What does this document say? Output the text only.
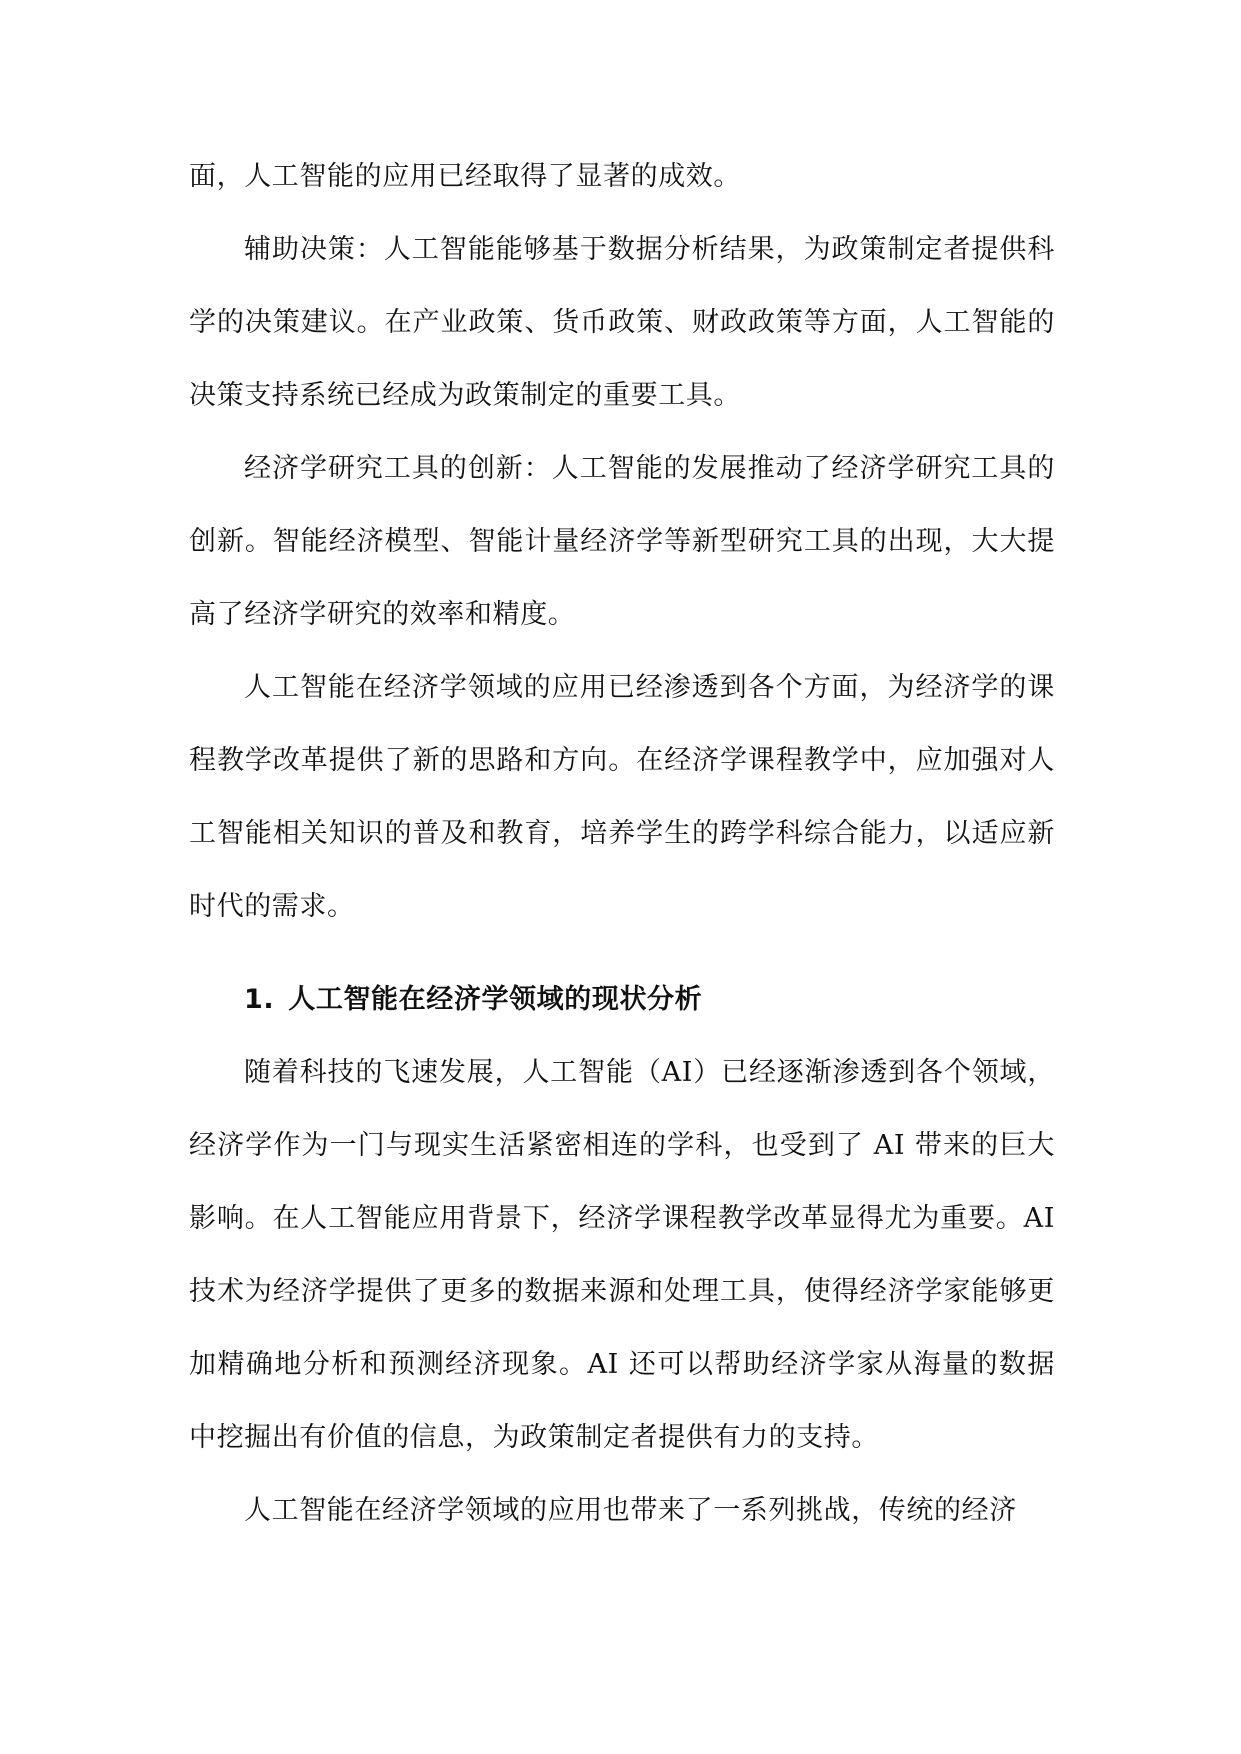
面，人工智能的应用已经取得了显著的成效。

辅助决策：人工智能能够基于数据分析结果，为政策制定者提供科学的决策建议。在产业政策、货币政策、财政政策等方面，人工智能的决策支持系统已经成为政策制定的重要工具。

经济学研究工具的创新：人工智能的发展推动了经济学研究工具的创新。智能经济模型、智能计量经济学等新型研究工具的出现，大大提高了经济学研究的效率和精度。

人工智能在经济学领域的应用已经渗透到各个方面，为经济学的课程教学改革提供了新的思路和方向。在经济学课程教学中，应加强对人工智能相关知识的普及和教育，培养学生的跨学科综合能力，以适应新时代的需求。

1. 人工智能在经济学领域的现状分析

随着科技的飞速发展，人工智能（AI）已经逐渐渗透到各个领域，经济学作为一门与现实生活紧密相连的学科，也受到了 AI 带来的巨大影响。在人工智能应用背景下，经济学课程教学改革显得尤为重要。AI 技术为经济学提供了更多的数据来源和处理工具，使得经济学家能够更加精确地分析和预测经济现象。AI 还可以帮助经济学家从海量的数据中挖掘出有价值的信息，为政策制定者提供有力的支持。

人工智能在经济学领域的应用也带来了一系列挑战，传统的经济
